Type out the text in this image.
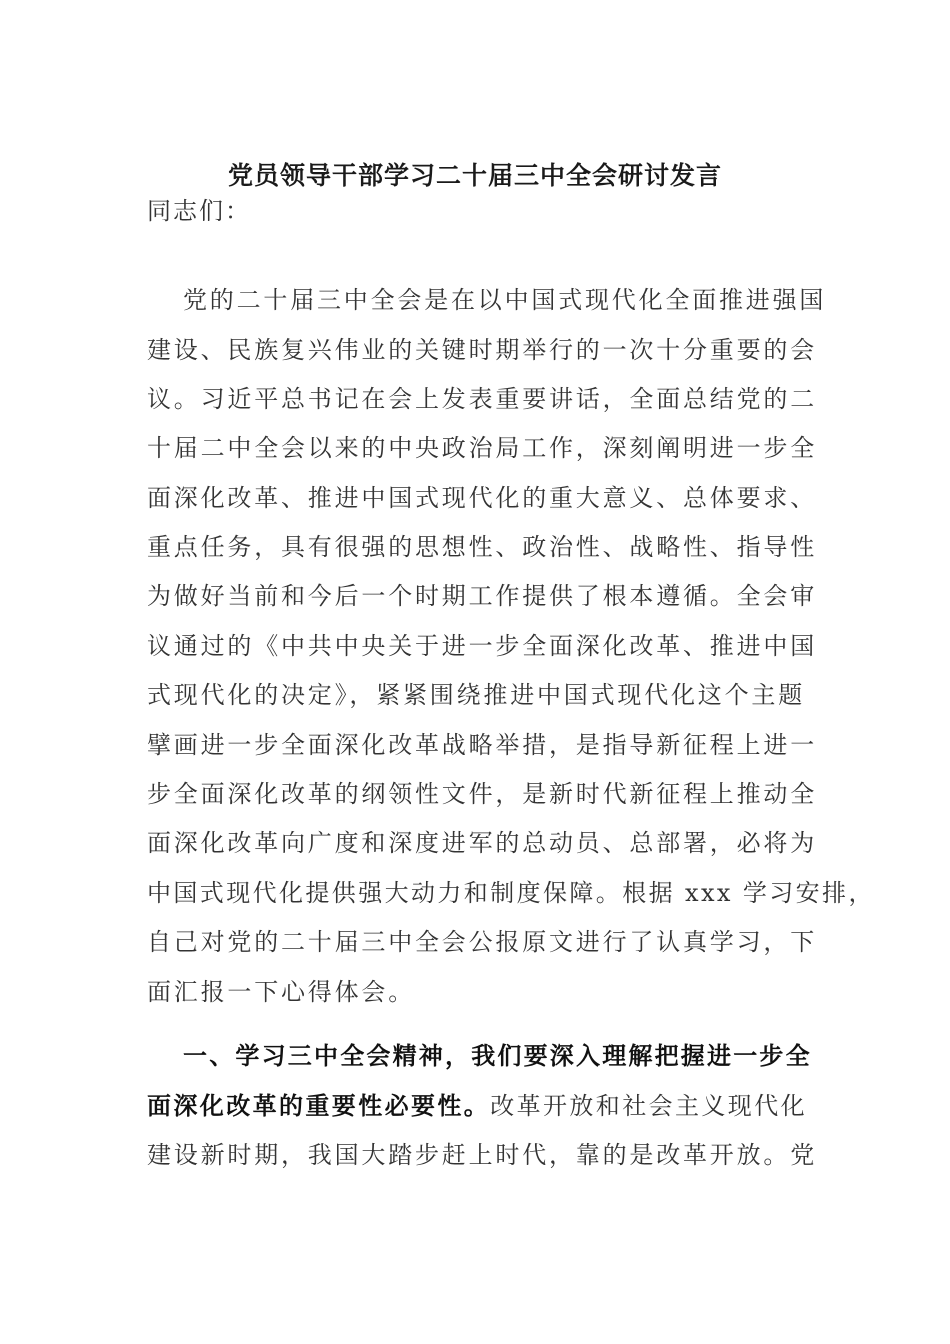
党员领导干部学习二十届三中全会研讨发言
同志们：
党的二十届三中全会是在以中国式现代化全面推进强国
建设、民族复兴伟业的关键时期举行的一次十分重要的会
议。习近平总书记在会上发表重要讲话，全面总结党的二
十届二中全会以来的中央政治局工作，深刻阐明进一步全
面深化改革、推进中国式现代化的重大意义、总体要求、
重点任务，具有很强的思想性、政治性、战略性、指导性
为做好当前和今后一个时期工作提供了根本遵循。全会审
议通过的《中共中央关于进一步全面深化改革、推进中国
式现代化的决定》，紧紧围绕推进中国式现代化这个主题
擘画进一步全面深化改革战略举措，是指导新征程上进一
步全面深化改革的纲领性文件，是新时代新征程上推动全
面深化改革向广度和深度进军的总动员、总部署，必将为
中国式现代化提供强大动力和制度保障。根据 xxx 学习安排，
自己对党的二十届三中全会公报原文进行了认真学习，下
面汇报一下心得体会。
一、学习三中全会精神，我们要深入理解把握进一步全
面深化改革的重要性必要性。改革开放和社会主义现代化
建设新时期，我国大踏步赶上时代，靠的是改革开放。党
